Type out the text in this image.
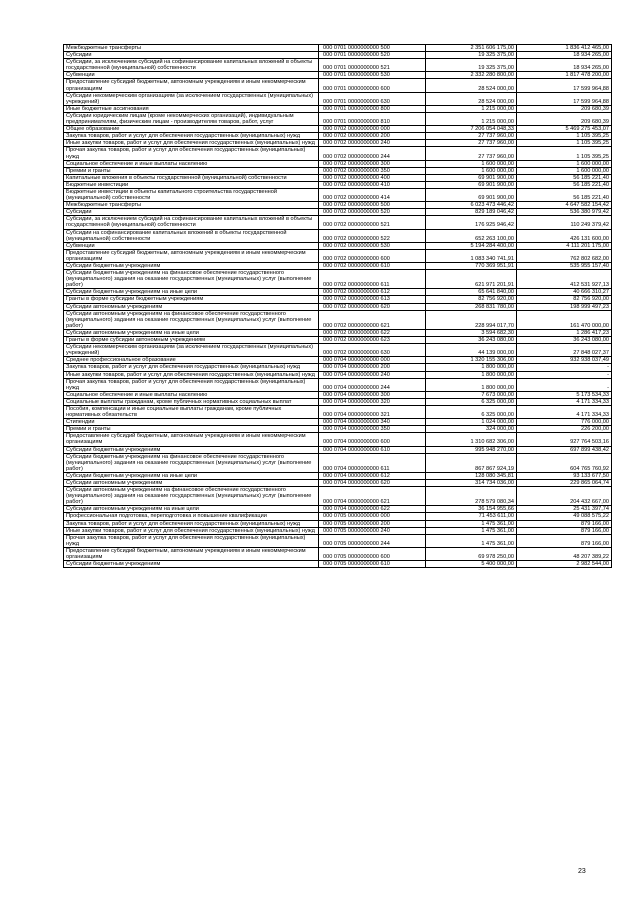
Межбюджетные трансферты	000 0701 0000000000 500	2 351 606 175,00	1 836 412 465,00
Субсидии	000 0701 0000000000 520	19 325 375,00	18 934 265,00
Субсидии, за исключением субсидий на софинансирование капитальных вложений в объекты государственной (муниципальной) собственности	000 0701 0000000000 521	19 325 375,00	18 934 265,00
Субвенции	000 0701 0000000000 530	2 332 280 800,00	1 817 478 200,00
Предоставление субсидий бюджетным, автономным учреждениям и иным некоммерческим организациям	000 0701 0000000000 600	28 524 000,00	17 599 964,88
Субсидии некоммерческим организациям (за исключением государственных (муниципальных) учреждений)	000 0701 0000000000 630	28 524 000,00	17 599 964,88
Иные бюджетные ассигнования	000 0701 0000000000 800	1 215 000,00	209 680,39
Субсидии юридическим лицам (кроме некоммерческих организаций), индивидуальным предпринимателям, физическим лицам - производителям товаров, работ, услуг	000 0701 0000000000 810	1 215 000,00	209 680,39
Общее образование	000 0702 0000000000 000	7 206 054 048,33	5 469 275 453,07
Закупка товаров, работ и услуг для обеспечения государственных (муниципальных) нужд	000 0702 0000000000 200	27 737 960,00	1 105 395,25
Иные закупки товаров, работ и услуг для обеспечения государственных (муниципальных) нужд	000 0702 0000000000 240	27 737 960,00	1 105 395,25
Прочая закупка товаров, работ и услуг для обеспечения государственных (муниципальных) нужд	000 0702 0000000000 244	27 737 960,00	1 105 395,25
Социальное обеспечение и иные выплаты населению	000 0702 0000000000 300	1 600 000,00	1 600 000,00
Премии и гранты	000 0702 0000000000 350	1 600 000,00	1 600 000,00
Капитальные вложения в объекты государственной (муниципальной) собственности	000 0702 0000000000 400	69 901 900,00	56 185 221,40
Бюджетные инвестиции	000 0702 0000000000 410	69 901 900,00	56 185 221,40
Бюджетные инвестиции в объекты капитального строительства государственной (муниципальной) собственности	000 0702 0000000000 414	69 901 900,00	56 185 221,40
Межбюджетные трансферты	000 0702 0000000000 500	6 023 473 446,42	4 647 582 154,42
Субсидии	000 0702 0000000000 520	829 189 046,42	536 380 979,42
Субсидии, за исключением субсидий на софинансирование капитальных вложений в объекты государственной (муниципальной) собственности	000 0702 0000000000 521	176 925 946,42	110 249 379,42
Субсидии на софинансирование капитальных вложений в объекты государственной (муниципальной) собственности	000 0702 0000000000 522	652 263 100,00	426 131 600,00
Субвенции	000 0702 0000000000 530	5 194 284 400,00	4 111 201 175,00
Предоставление субсидий бюджетным, автономным учреждениям и иным некоммерческим организациям	000 0702 0000000000 600	1 083 340 741,91	762 802 682,00
Субсидии бюджетным учреждениям	000 0702 0000000000 610	770 369 951,91	535 955 157,40
Субсидии бюджетным учреждениям на финансовое обеспечение государственного (муниципального) задания на оказание государственных (муниципальных) услуг (выполнение работ)	000 0702 0000000000 611	621 971 201,91	412 531 927,13
Субсидии бюджетным учреждениям на иные цели	000 0702 0000000000 612	65 641 840,00	40 666 310,27
Гранты в форме субсидии бюджетным учреждениям	000 0702 0000000000 613	82 756 920,00	82 756 920,00
Субсидии автономным учреждениям	000 0702 0000000000 620	268 831 780,00	198 999 497,23
Субсидии автономным учреждениям на финансовое обеспечение государственного (муниципального) задания на оказание государственных (муниципальных) услуг (выполнение работ)	000 0702 0000000000 621	228 994 017,70	161 470 000,00
Субсидии автономным учреждениям на иные цели	000 0702 0000000000 622	3 594 682,30	1 286 417,23
Гранты в форме субсидии автономным учреждениям	000 0702 0000000000 623	36 243 080,00	36 243 080,00
Субсидии некоммерческим организациям (за исключением государственных (муниципальных) учреждений)	000 0702 0000000000 630	44 139 000,00	27 848 027,37
Среднее профессиональное образование	000 0704 0000000000 000	1 320 155 306,00	932 938 037,49
Закупка товаров, работ и услуг для обеспечения государственных (муниципальных) нужд	000 0704 0000000000 200	1 800 000,00	-
Иные закупки товаров, работ и услуг для обеспечения государственных (муниципальных) нужд	000 0704 0000000000 240	1 800 000,00	-
Прочая закупка товаров, работ и услуг для обеспечения государственных (муниципальных) нужд	000 0704 0000000000 244	1 800 000,00	-
Социальное обеспечение и иные выплаты населению	000 0704 0000000000 300	7 673 000,00	5 173 534,33
Социальные выплаты гражданам, кроме публичных нормативных социальных выплат	000 0704 0000000000 320	6 325 000,00	4 171 334,33
Пособия, компенсации и иные социальные выплаты гражданам, кроме публичных нормативных обязательств	000 0704 0000000000 321	6 325 000,00	4 171 334,33
Стипендии	000 0704 0000000000 340	1 024 000,00	776 000,00
Премии и гранты	000 0704 0000000000 350	324 000,00	226 200,00
Предоставление субсидий бюджетным, автономным учреждениям и иным некоммерческим организациям	000 0704 0000000000 600	1 310 682 306,00	927 764 503,16
Субсидии бюджетным учреждениям	000 0704 0000000000 610	995 948 270,00	697 899 438,42
Субсидии бюджетным учреждениям на финансовое обеспечение государственного (муниципального) задания на оказание государственных (муниципальных) услуг (выполнение работ)	000 0704 0000000000 611	867 867 924,19	604 765 760,92
Субсидии бюджетным учреждениям на иные цели	000 0704 0000000000 612	128 080 345,81	93 133 677,50
Субсидии автономным учреждениям	000 0704 0000000000 620	314 734 036,00	229 865 064,74
Субсидии автономным учреждениям на финансовое обеспечение государственного (муниципального) задания на оказание государственных (муниципальных) услуг (выполнение работ)	000 0704 0000000000 621	278 579 080,34	204 432 667,00
Субсидии автономным учреждениям на иные цели	000 0704 0000000000 622	36 154 955,66	25 431 397,74
Профессиональная подготовка, переподготовка и повышение квалификации	000 0705 0000000000 000	71 453 611,00	49 088 575,22
Закупка товаров, работ и услуг для обеспечения государственных (муниципальных) нужд	000 0705 0000000000 200	1 475 361,00	879 166,00
Иные закупки товаров, работ и услуг для обеспечения государственных (муниципальных) нужд	000 0705 0000000000 240	1 475 361,00	879 166,00
Прочая закупка товаров, работ и услуг для обеспечения государственных (муниципальных) нужд	000 0705 0000000000 244	1 475 361,00	879 166,00
Предоставление субсидий бюджетным, автономным учреждениям и иным некоммерческим организациям	000 0705 0000000000 600	69 978 250,00	48 207 389,22
Субсидии бюджетным учреждениям	000 0705 0000000000 610	5 400 000,00	2 982 544,00
23
